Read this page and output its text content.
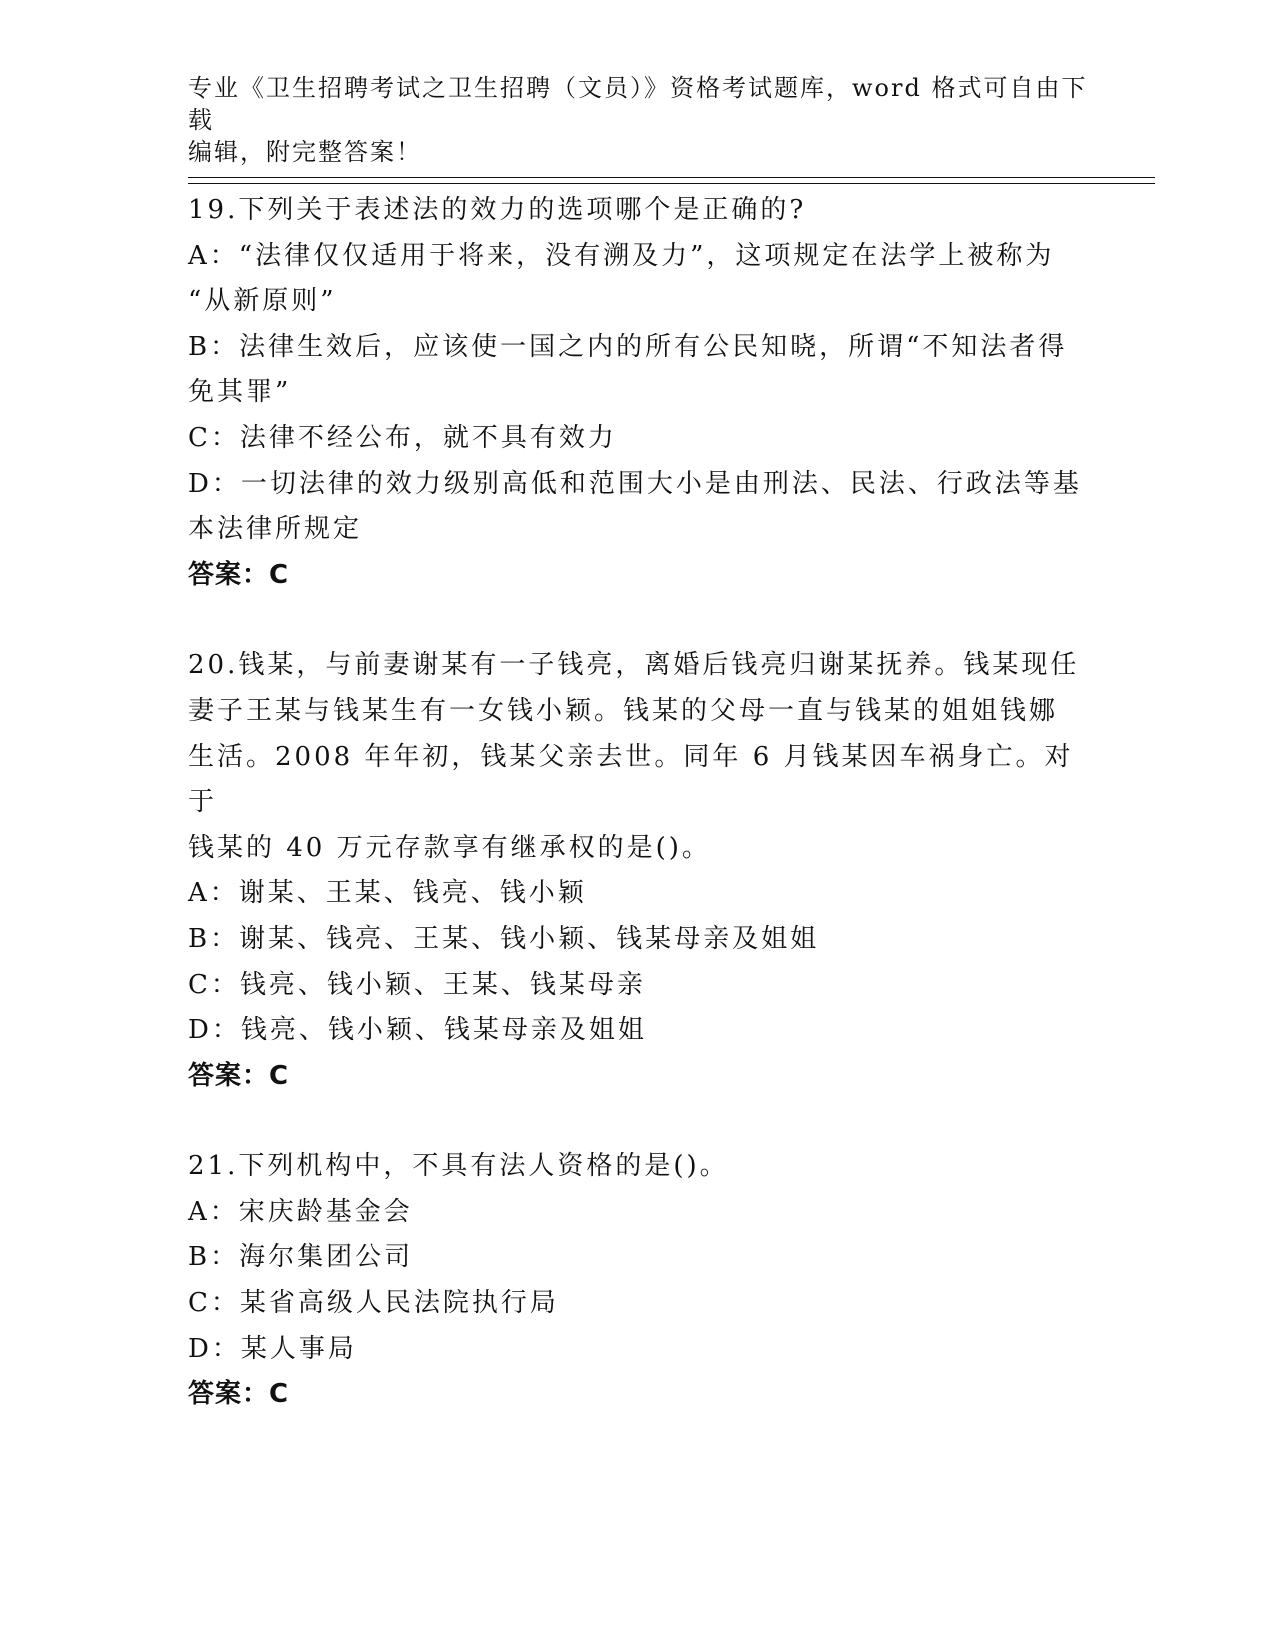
专业《卫生招聘考试之卫生招聘（文员）》资格考试题库，word 格式可自由下载
编辑，附完整答案！
19.下列关于表述法的效力的选项哪个是正确的?
A：“法律仅仅适用于将来，没有溯及力”，这项规定在法学上被称为
“从新原则”
B：法律生效后，应该使一国之内的所有公民知晓，所谓“不知法者得
免其罪”
C：法律不经公布，就不具有效力
D：一切法律的效力级别高低和范围大小是由刑法、民法、行政法等基
本法律所规定
答案：C
20.钱某，与前妻谢某有一子钱亮，离婚后钱亮归谢某抚养。钱某现任
妻子王某与钱某生有一女钱小颖。钱某的父母一直与钱某的姐姐钱娜
生活。2008 年年初，钱某父亲去世。同年 6 月钱某因车祸身亡。对于
钱某的 40 万元存款享有继承权的是()。
A：谢某、王某、钱亮、钱小颖
B：谢某、钱亮、王某、钱小颖、钱某母亲及姐姐
C：钱亮、钱小颖、王某、钱某母亲
D：钱亮、钱小颖、钱某母亲及姐姐
答案：C
21.下列机构中，不具有法人资格的是()。
A：宋庆龄基金会
B：海尔集团公司
C：某省高级人民法院执行局
D：某人事局
答案：C
